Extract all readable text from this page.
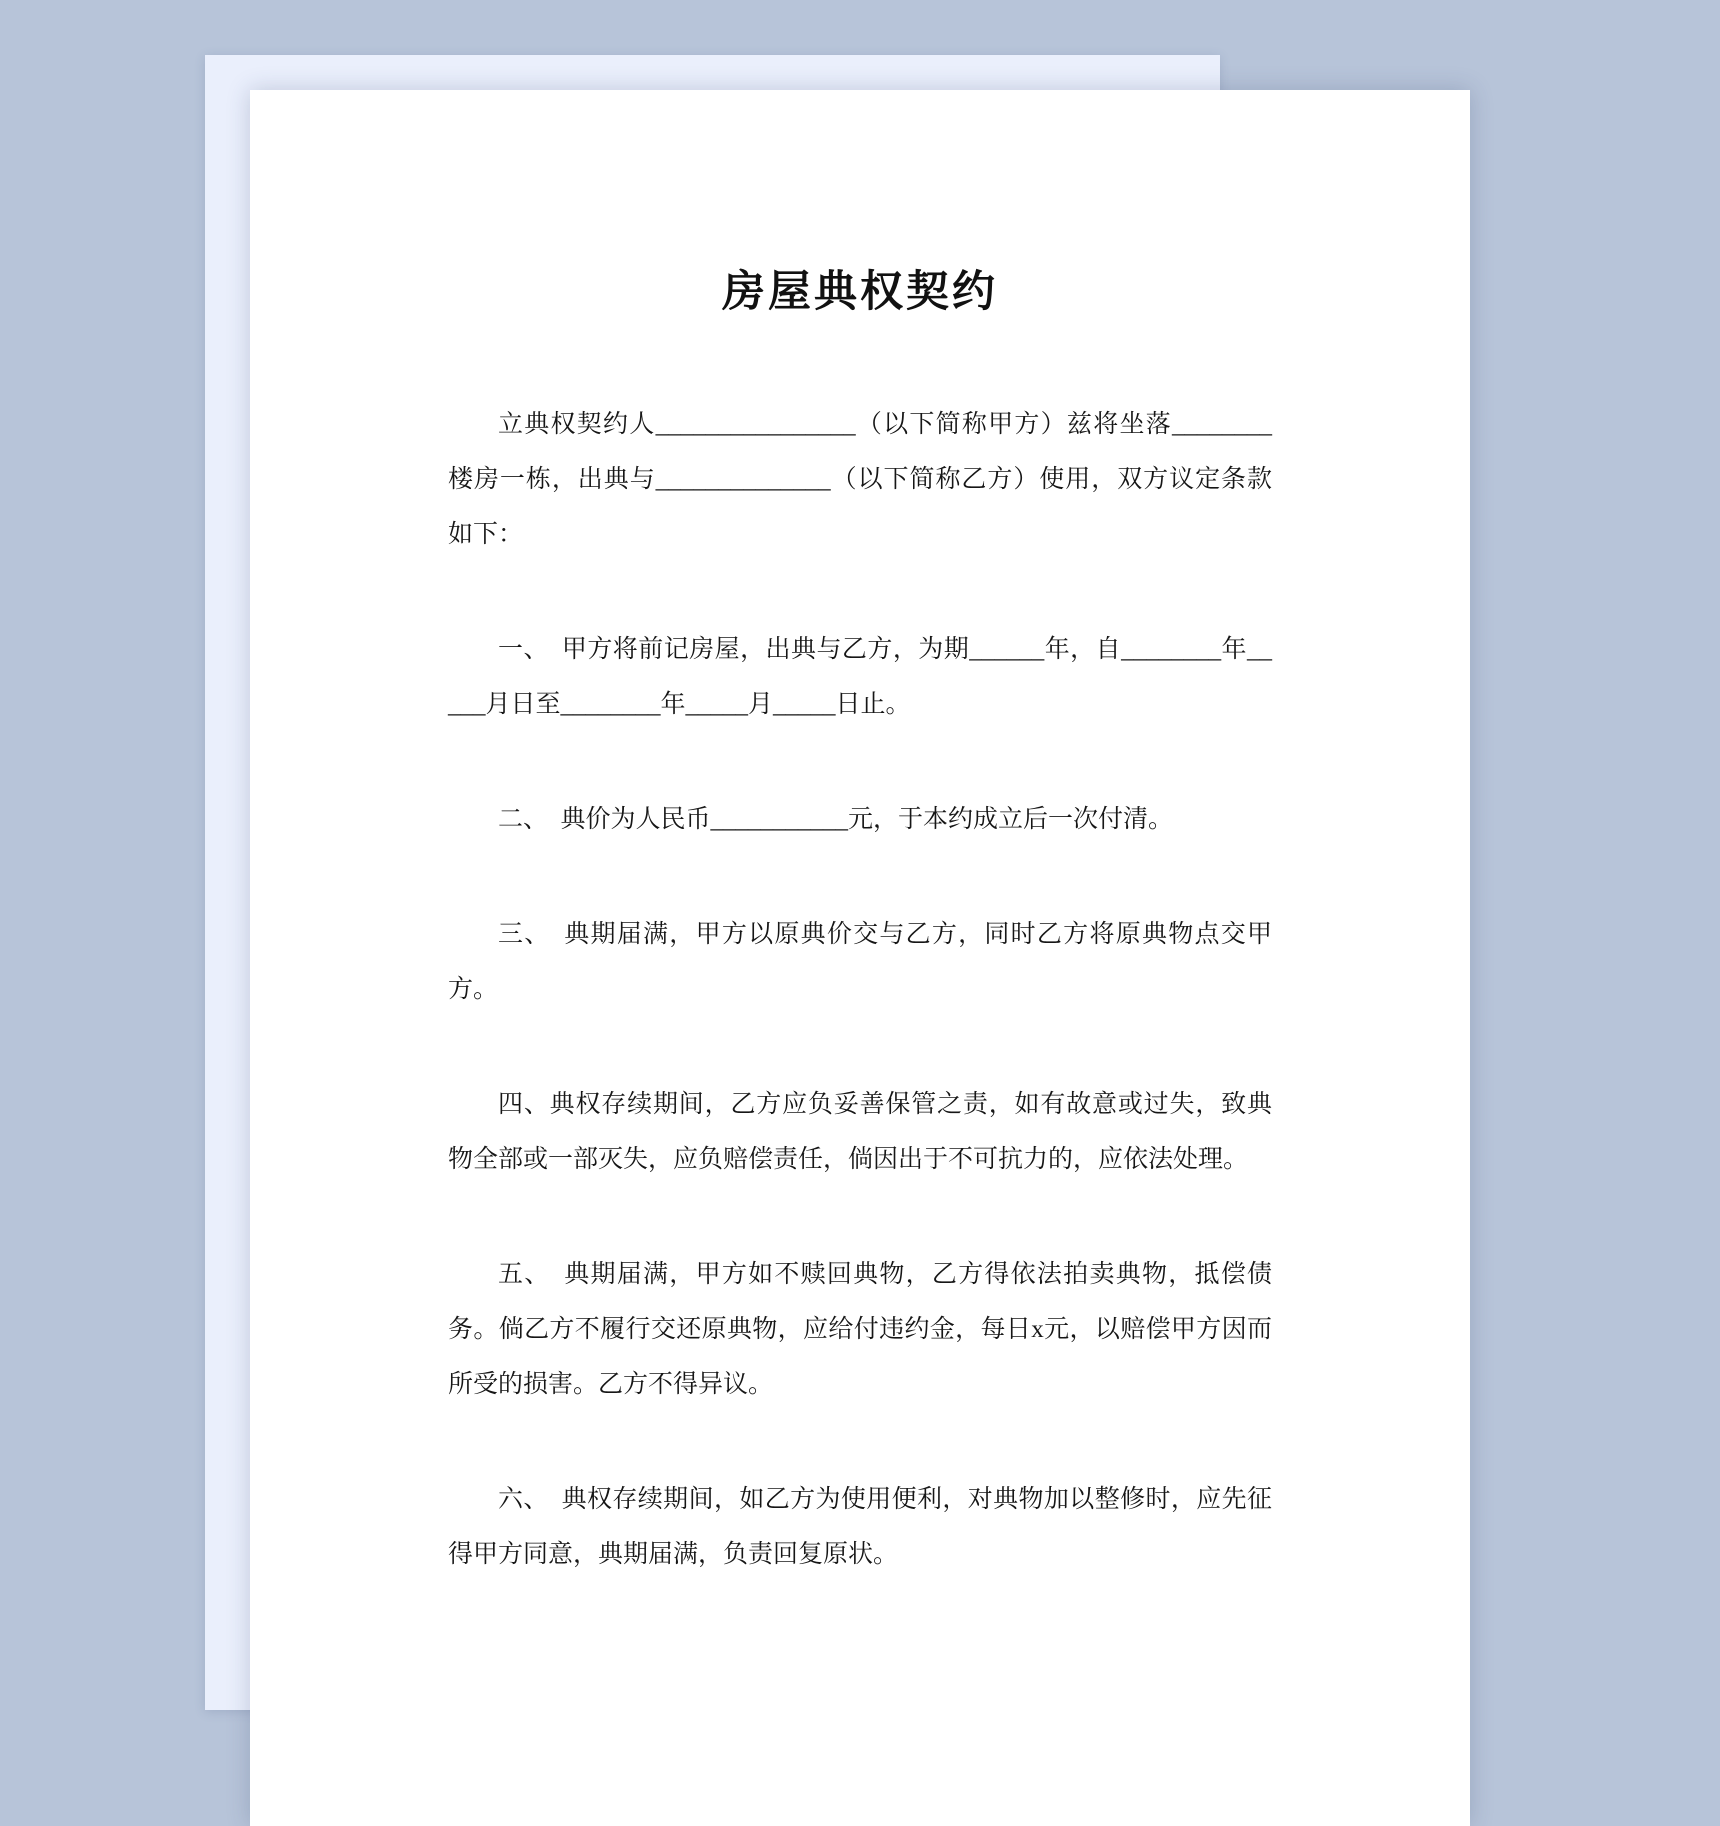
房屋典权契约

立典权契约人________________（以下简称甲方）兹将坐落________楼房一栋，出典与______________（以下简称乙方）使用，双方议定条款如下：

一、　甲方将前记房屋，出典与乙方，为期______年，自________年_____月日至________年_____月_____日止。

二、　典价为人民币___________元，于本约成立后一次付清。

三、　典期届满，甲方以原典价交与乙方，同时乙方将原典物点交甲方。

四、典权存续期间，乙方应负妥善保管之责，如有故意或过失，致典物全部或一部灭失，应负赔偿责任，倘因出于不可抗力的，应依法处理。

五、　典期届满，甲方如不赎回典物，乙方得依法拍卖典物，抵偿债务。倘乙方不履行交还原典物，应给付违约金，每日x元，以赔偿甲方因而所受的损害。乙方不得异议。

六、　典权存续期间，如乙方为使用便利，对典物加以整修时，应先征得甲方同意，典期届满，负责回复原状。
